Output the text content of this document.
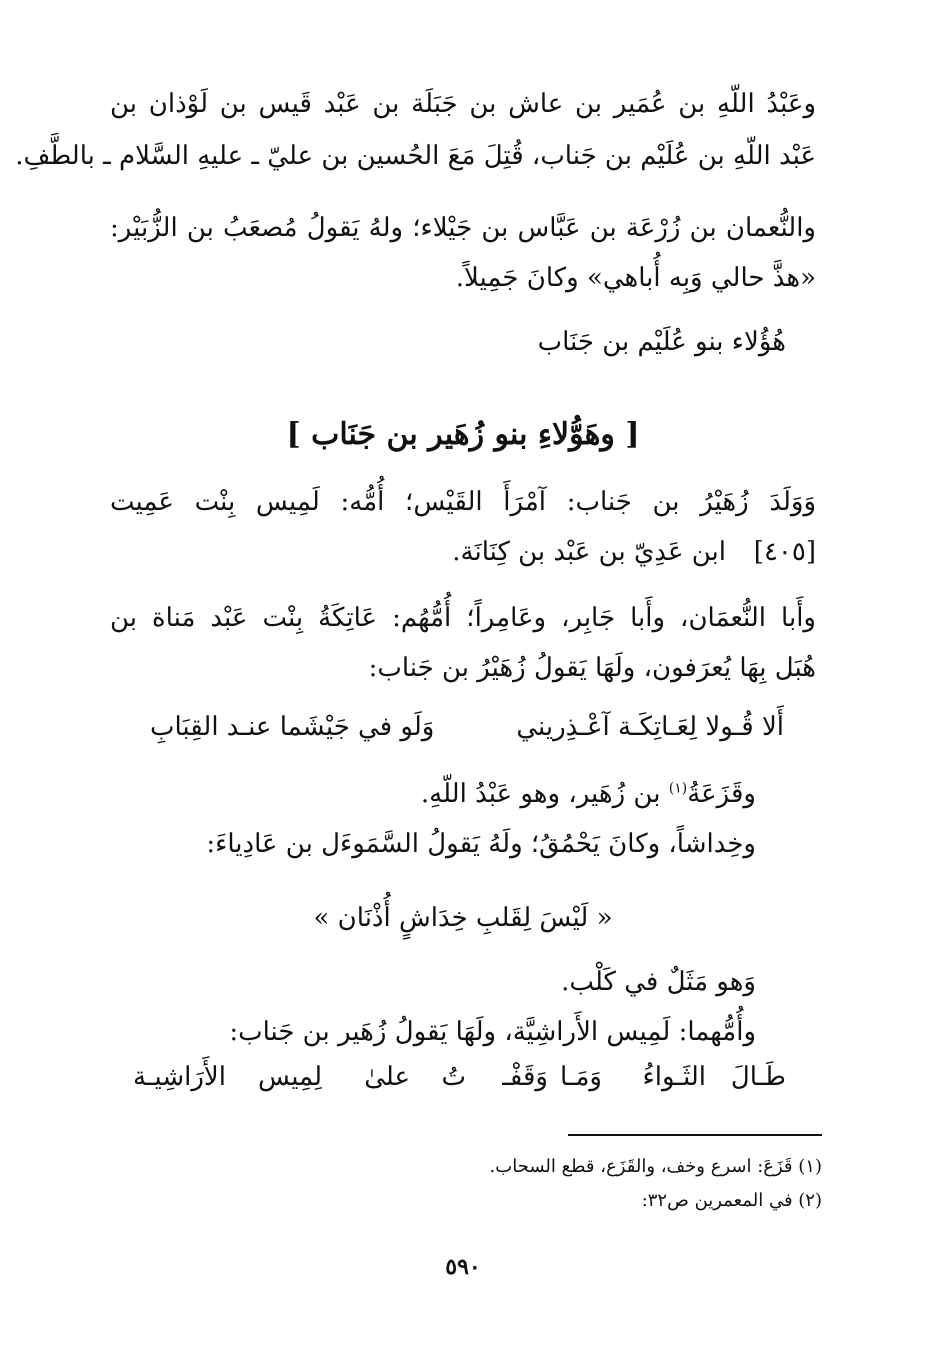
وعَبْدُ اللّهِ بن عُمَير بن عاش بن جَبَلَة بن عَبْد قَيس بن لَوْذان بن
عَبْد اللّهِ بن عُلَيْم بن جَناب، قُتِلَ مَعَ الحُسين بن عليّ ـ عليهِ السَّلام ـ بالطَّفِ.
والنُّعمان بن زُرْعَة بن عَبَّاس بن جَيْلاء؛ ولهُ يَقولُ مُصعَبُ بن الزُّبَيْر:
«هذَّ حالي وَبِه أُباهي» وكانَ جَمِيلاً.
هُؤُلاء بنو عُلَيْم بن جَنَاب
[ وهَوُّلاءِ بنو زُهَير بن جَنَاب ]
وَوَلَدَ زُهَيْرُ بن جَناب: آمْرَأَ القَيْس؛ أُمُّه: لَمِيس بِنْت عَمِيت
[٤٠٥]
ابن عَدِيّ بن عَبْد بن كِنَانَة.
وأَبا النُّعمَان، وأَبا جَابِر، وعَامِراً؛ أُمُّهُم: عَاتِكَةُ بِنْت عَبْد مَناة بن
هُبَل بِهَا يُعرَفون، ولَهَا يَقولُ زُهَيْرُ بن جَناب:
أَلا قُـولا لِعَـاتِكَـة آعْـذِريني
وَلَو في جَيْشَما عنـد القِبَابِ
وقَزَعَةُ$^{(١)}$ بن زُهَير، وهو عَبْدُ اللّهِ.
وخِداشاً، وكانَ يَحْمُقُ؛ ولَهُ يَقولُ السَّمَوءَل بن عَادِياءَ:
« لَيْسَ لِقَلبِ خِدَاشٍ أُذْنَان »
وَهو مَثَلٌ في كَلْب.
وأُمُّهما: لَمِيس الأَراشِيَّة، ولَهَا يَقولُ زُهَير بن جَناب:
طَـالَ
الثَـواءُ
وَمَـا
وَقَفْـ
تُ
علىٰ
لِمِيس
الأَرَاشِيـة
(١) قَزَعَ: اسرع وخف، والقَزَع، قطع السحاب.
(٢) في المعمرين ص٣٢:
٥٩٠
